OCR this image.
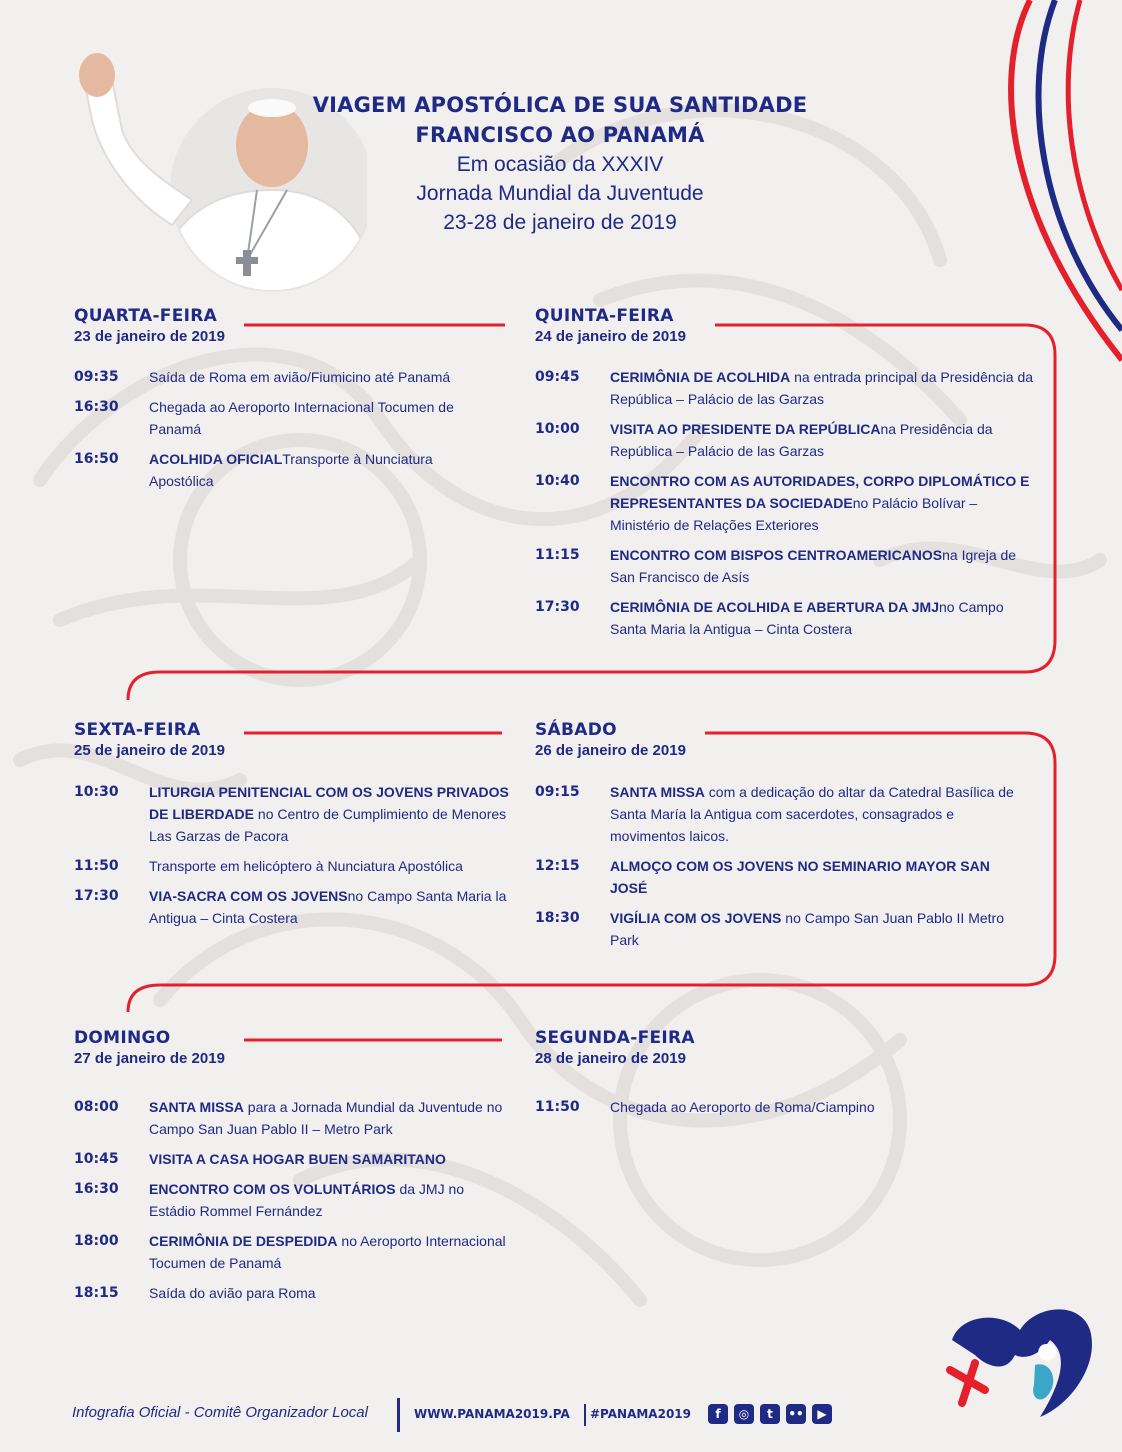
VIAGEM APOSTÓLICA DE SUA SANTIDADE
FRANCISCO AO PANAMÁ
Em ocasião da XXXIV
Jornada Mundial da Juventude
23-28 de janeiro de 2019
QUARTA-FEIRA
23 de janeiro de 2019
09:35 Saída de Roma em avião/Fiumicino até Panamá
16:30 Chegada ao Aeroporto Internacional Tocumen de Panamá
16:50 ACOLHIDA OFICIALTransporte à Nunciatura Apostólica
QUINTA-FEIRA
24 de janeiro de 2019
09:45 CERIMÔNIA DE ACOLHIDA na entrada principal da Presidência da República – Palácio de las Garzas
10:00 VISITA AO PRESIDENTE DA REPÚBLICAna Presidência da República – Palácio de las Garzas
10:40 ENCONTRO COM AS AUTORIDADES, CORPO DIPLOMÁTICO E REPRESENTANTES DA SOCIEDADEno Palácio Bolívar – Ministério de Relações Exteriores
11:15 ENCONTRO COM BISPOS CENTROAMERICANOSna Igreja de San Francisco de Asís
17:30 CERIMÔNIA DE ACOLHIDA E ABERTURA DA JMJno Campo Santa Maria la Antigua – Cinta Costera
SEXTA-FEIRA
25 de janeiro de 2019
10:30 LITURGIA PENITENCIAL COM OS JOVENS PRIVADOS DE LIBERDADE no Centro de Cumplimiento de Menores Las Garzas de Pacora
11:50 Transporte em helicóptero à Nunciatura Apostólica
17:30 VIA-SACRA COM OS JOVENSno Campo Santa Maria la Antigua – Cinta Costera
SÁBADO
26 de janeiro de 2019
09:15 SANTA MISSA com a dedicação do altar da Catedral Basílica de Santa María la Antigua com sacerdotes, consagrados e movimentos laicos.
12:15 ALMOÇO COM OS JOVENS NO SEMINARIO MAYOR SAN JOSÉ
18:30 VIGÍLIA COM OS JOVENS no Campo San Juan Pablo II Metro Park
DOMINGO
27 de janeiro de 2019
08:00 SANTA MISSA para a Jornada Mundial da Juventude no Campo San Juan Pablo II – Metro Park
10:45 VISITA A CASA HOGAR BUEN SAMARITANO
16:30 ENCONTRO COM OS VOLUNTÁRIOS da JMJ no Estádio Rommel Fernández
18:00 CERIMÔNIA DE DESPEDIDA no Aeroporto Internacional Tocumen de Panamá
18:15 Saída do avião para Roma
SEGUNDA-FEIRA
28 de janeiro de 2019
11:50 Chegada ao Aeroporto de Roma/Ciampino
Infografia Oficial - Comitê Organizador Local	WWW.PANAMA2019.PA #PANAMA2019	f	◎	t	••	▶
